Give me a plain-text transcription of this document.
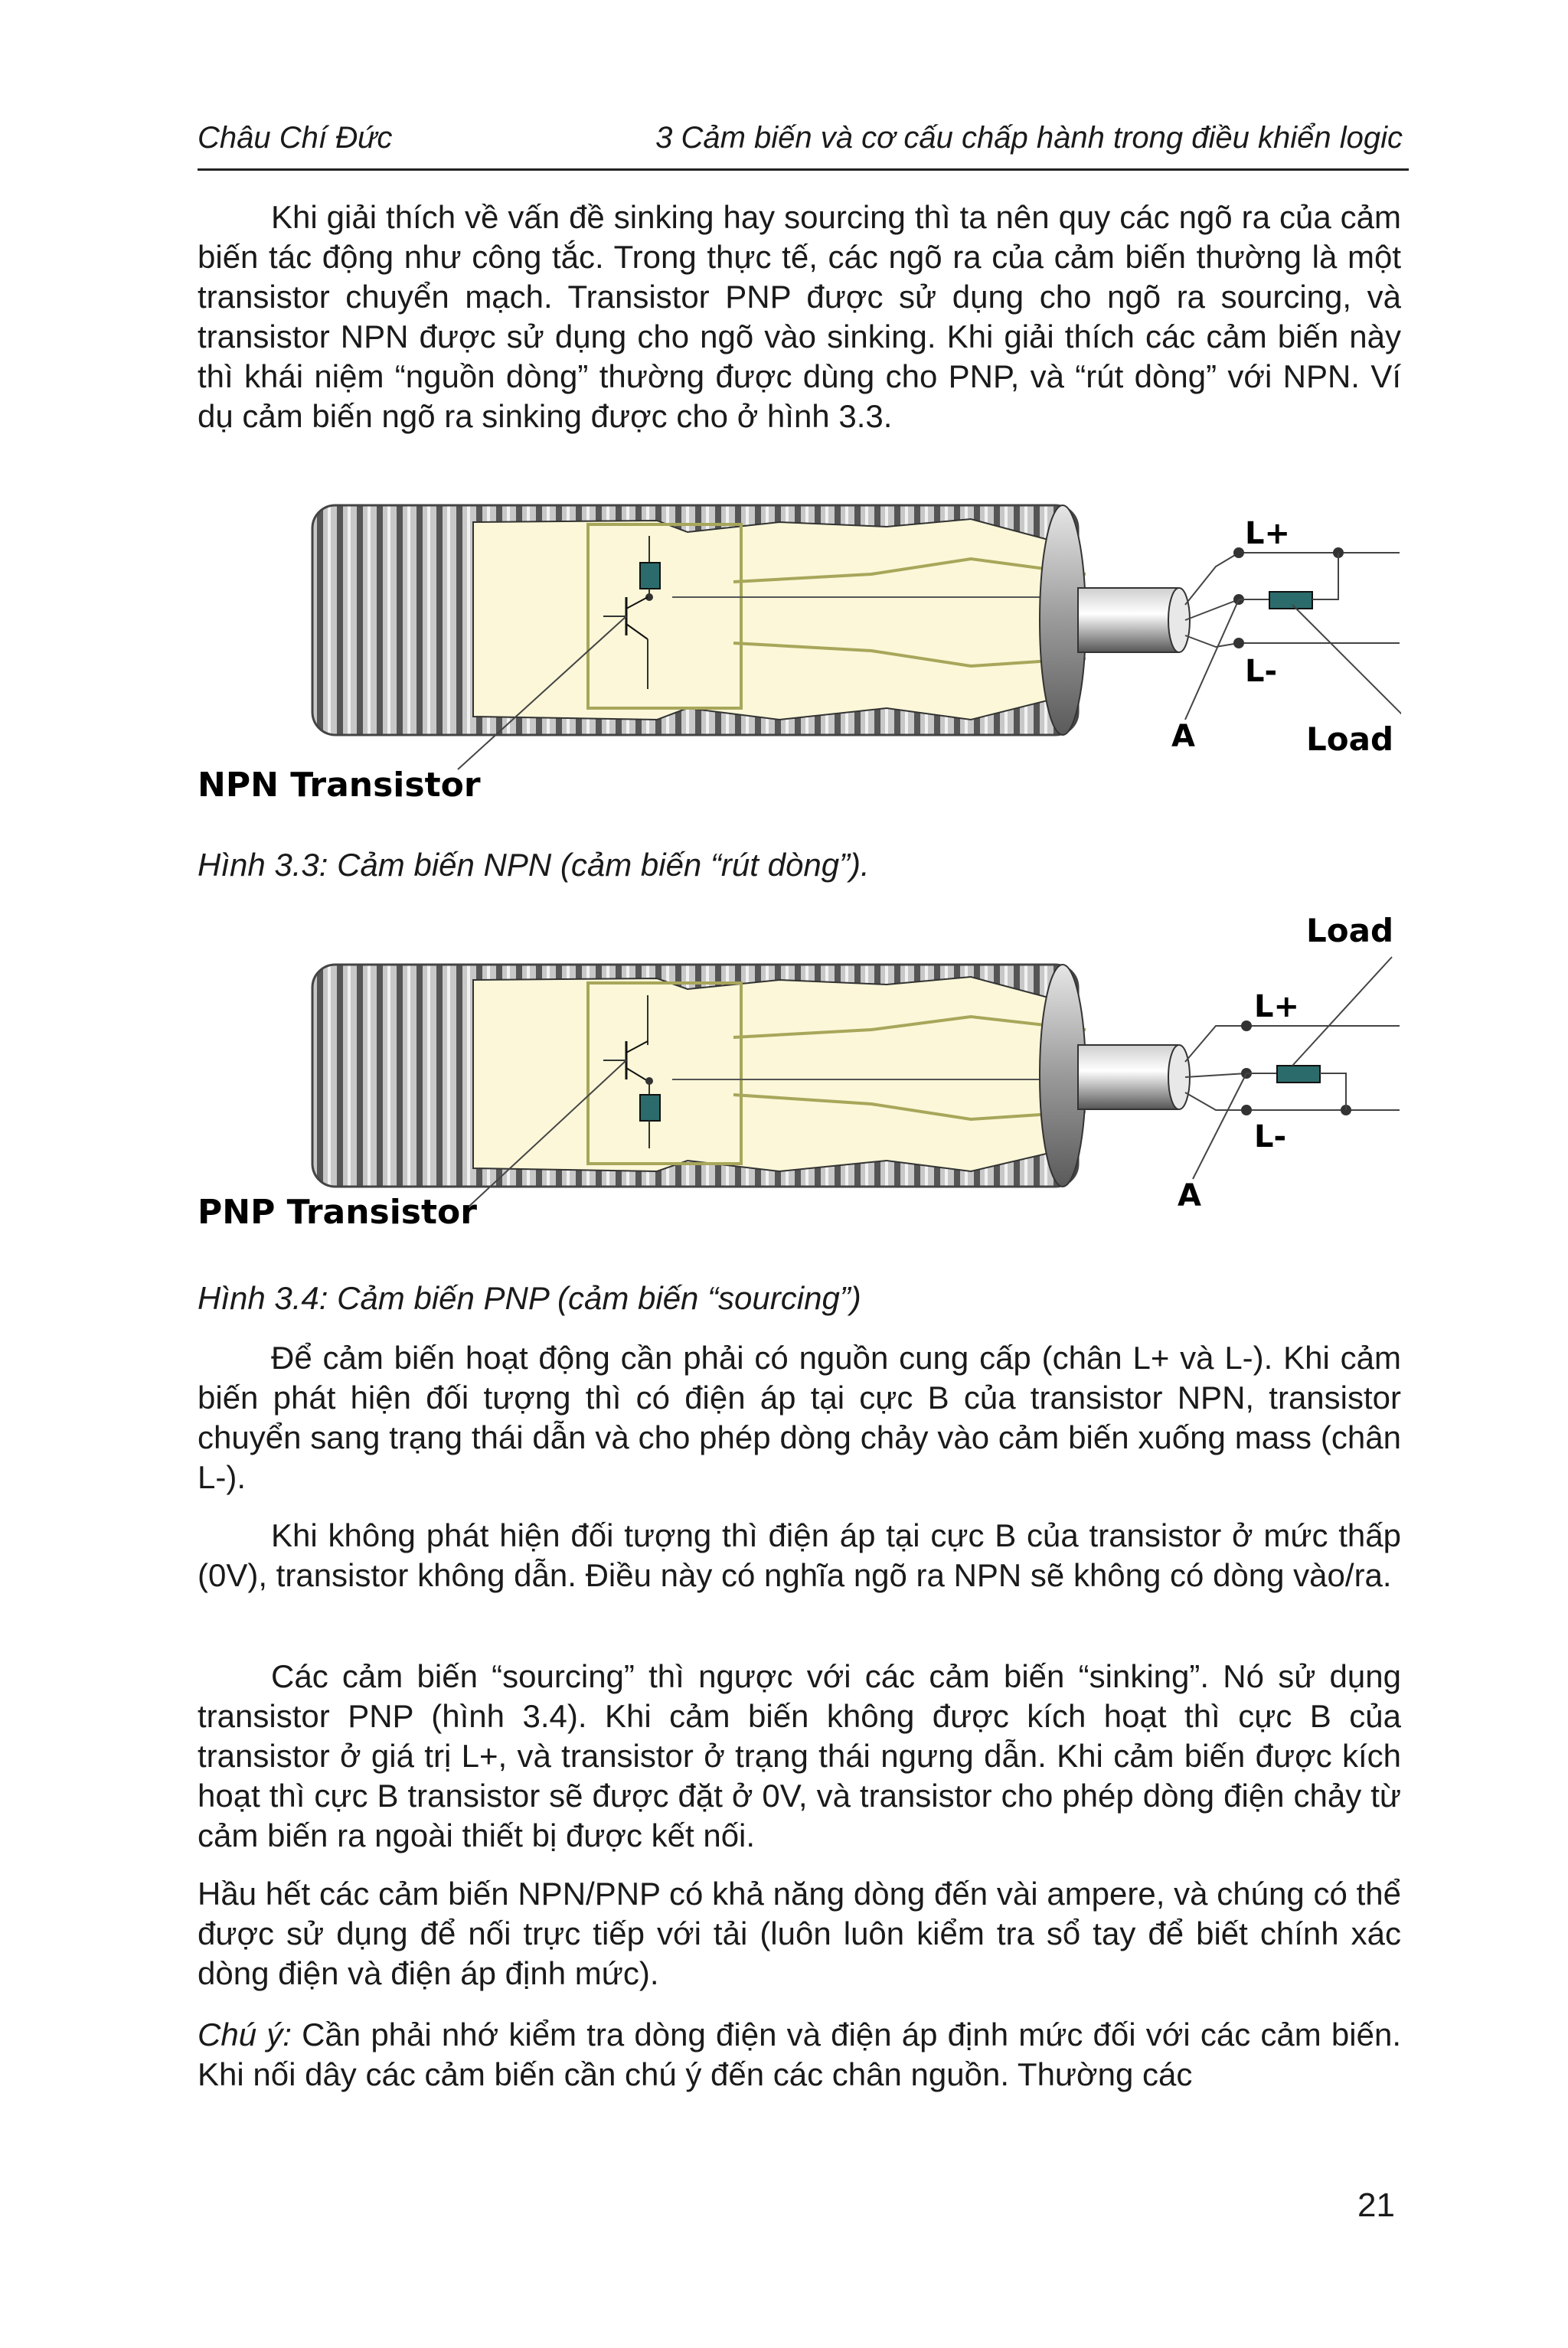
Châu Chí Đức	3 Cảm biến và cơ cấu chấp hành trong điều khiển logic

Khi giải thích về vấn đề sinking hay sourcing thì ta nên quy các ngõ ra của cảm biến tác động như công tắc. Trong thực tế, các ngõ ra của cảm biến thường là một transistor chuyển mạch. Transistor PNP được sử dụng cho ngõ ra sourcing, và transistor NPN được sử dụng cho ngõ vào sinking. Khi giải thích các cảm biến này thì khái niệm “nguồn dòng” thường được dùng cho PNP, và “rút dòng” với NPN. Ví dụ cảm biến ngõ ra sinking được cho ở hình 3.3.

L+
L-
A	Load
NPN Transistor
Hình 3.3: Cảm biến NPN (cảm biến “rút dòng”).
Load
L+
L-
A
PNP Transistor
Hình 3.4: Cảm biến PNP (cảm biến “sourcing”)

Để cảm biến hoạt động cần phải có nguồn cung cấp (chân L+ và L-). Khi cảm biến phát hiện đối tượng thì có điện áp tại cực B của transistor NPN, transistor chuyển sang trạng thái dẫn và cho phép dòng chảy vào cảm biến xuống mass (chân L-).

Khi không phát hiện đối tượng thì điện áp tại cực B của transistor ở mức thấp (0V), transistor không dẫn. Điều này có nghĩa ngõ ra NPN sẽ không có dòng vào/ra.

Các cảm biến “sourcing” thì ngược với các cảm biến “sinking”. Nó sử dụng transistor PNP (hình 3.4). Khi cảm biến không được kích hoạt thì cực B của transistor ở giá trị L+, và transistor ở trạng thái ngưng dẫn. Khi cảm biến được kích hoạt thì cực B transistor sẽ được đặt ở 0V, và transistor cho phép dòng điện chảy từ cảm biến ra ngoài thiết bị được kết nối.

Hầu hết các cảm biến NPN/PNP có khả năng dòng đến vài ampere, và chúng có thể được sử dụng để nối trực tiếp với tải (luôn luôn kiểm tra sổ tay để biết chính xác dòng điện và điện áp định mức).

Chú ý: Cần phải nhớ kiểm tra dòng điện và điện áp định mức đối với các cảm biến. Khi nối dây các cảm biến cần chú ý đến các chân nguồn. Thường các

21
